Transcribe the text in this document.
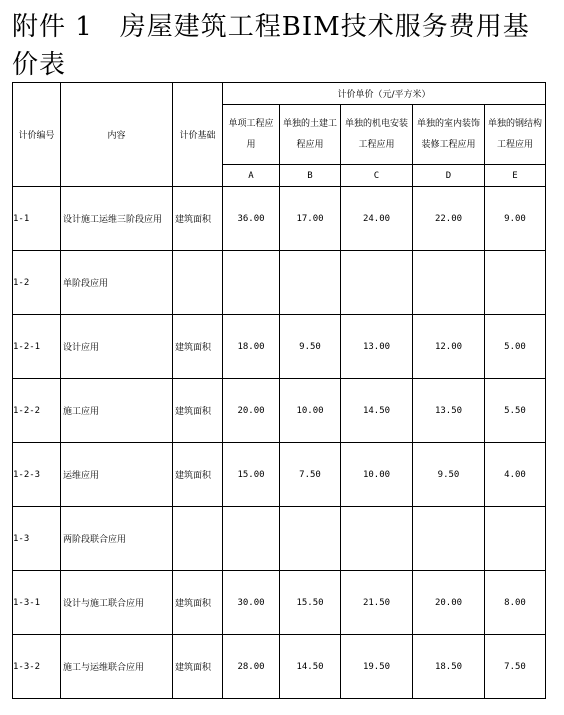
附件 1　房屋建筑工程BIM技术服务费用基价表
计价编号	内容	计价基础	计价单价（元/平方米）				
			单项工程应用	单独的土建工程应用	单独的机电安装工程应用	单独的室内装饰装修工程应用	单独的钢结构工程应用
			A	B	C	D	E
1-1	设计施工运维三阶段应用	建筑面积	36.00	17.00	24.00	22.00	9.00
1-2	单阶段应用						
1-2-1	设计应用	建筑面积	18.00	9.50	13.00	12.00	5.00
1-2-2	施工应用	建筑面积	20.00	10.00	14.50	13.50	5.50
1-2-3	运维应用	建筑面积	15.00	7.50	10.00	9.50	4.00
1-3	两阶段联合应用						
1-3-1	设计与施工联合应用	建筑面积	30.00	15.50	21.50	20.00	8.00
1-3-2	施工与运维联合应用	建筑面积	28.00	14.50	19.50	18.50	7.50
